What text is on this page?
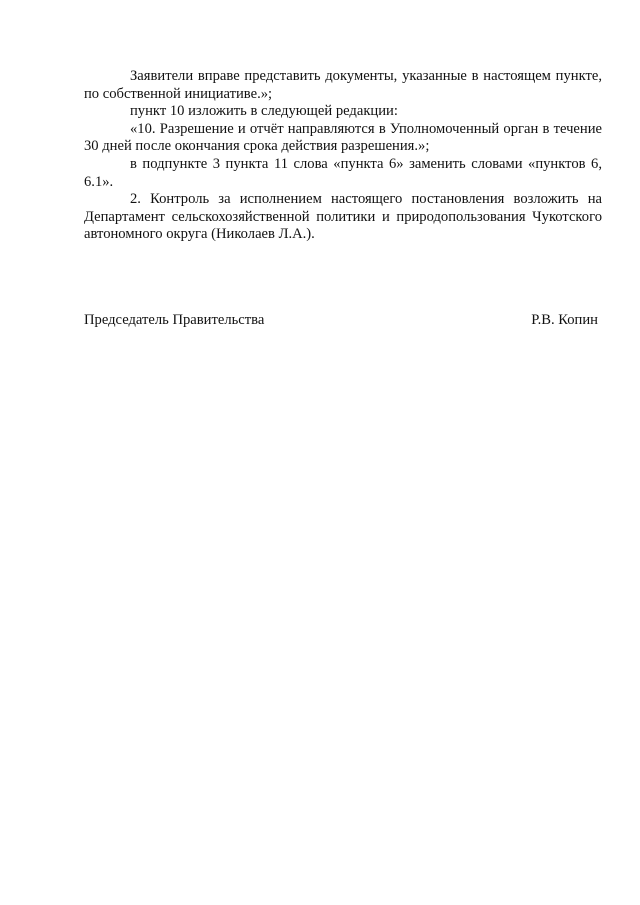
Заявители вправе представить документы, указанные в настоящем пункте, по собственной инициативе.»;

пункт 10 изложить в следующей редакции:

«10. Разрешение и отчёт направляются в Уполномоченный орган в течение 30 дней после окончания срока действия разрешения.»;

в подпункте 3 пункта 11 слова «пункта 6» заменить словами «пунктов 6, 6.1».

2. Контроль за исполнением настоящего постановления возложить на Департамент сельскохозяйственной политики и природопользования Чукотского автономного округа (Николаев Л.А.).

Председатель Правительства	Р.В. Копин
